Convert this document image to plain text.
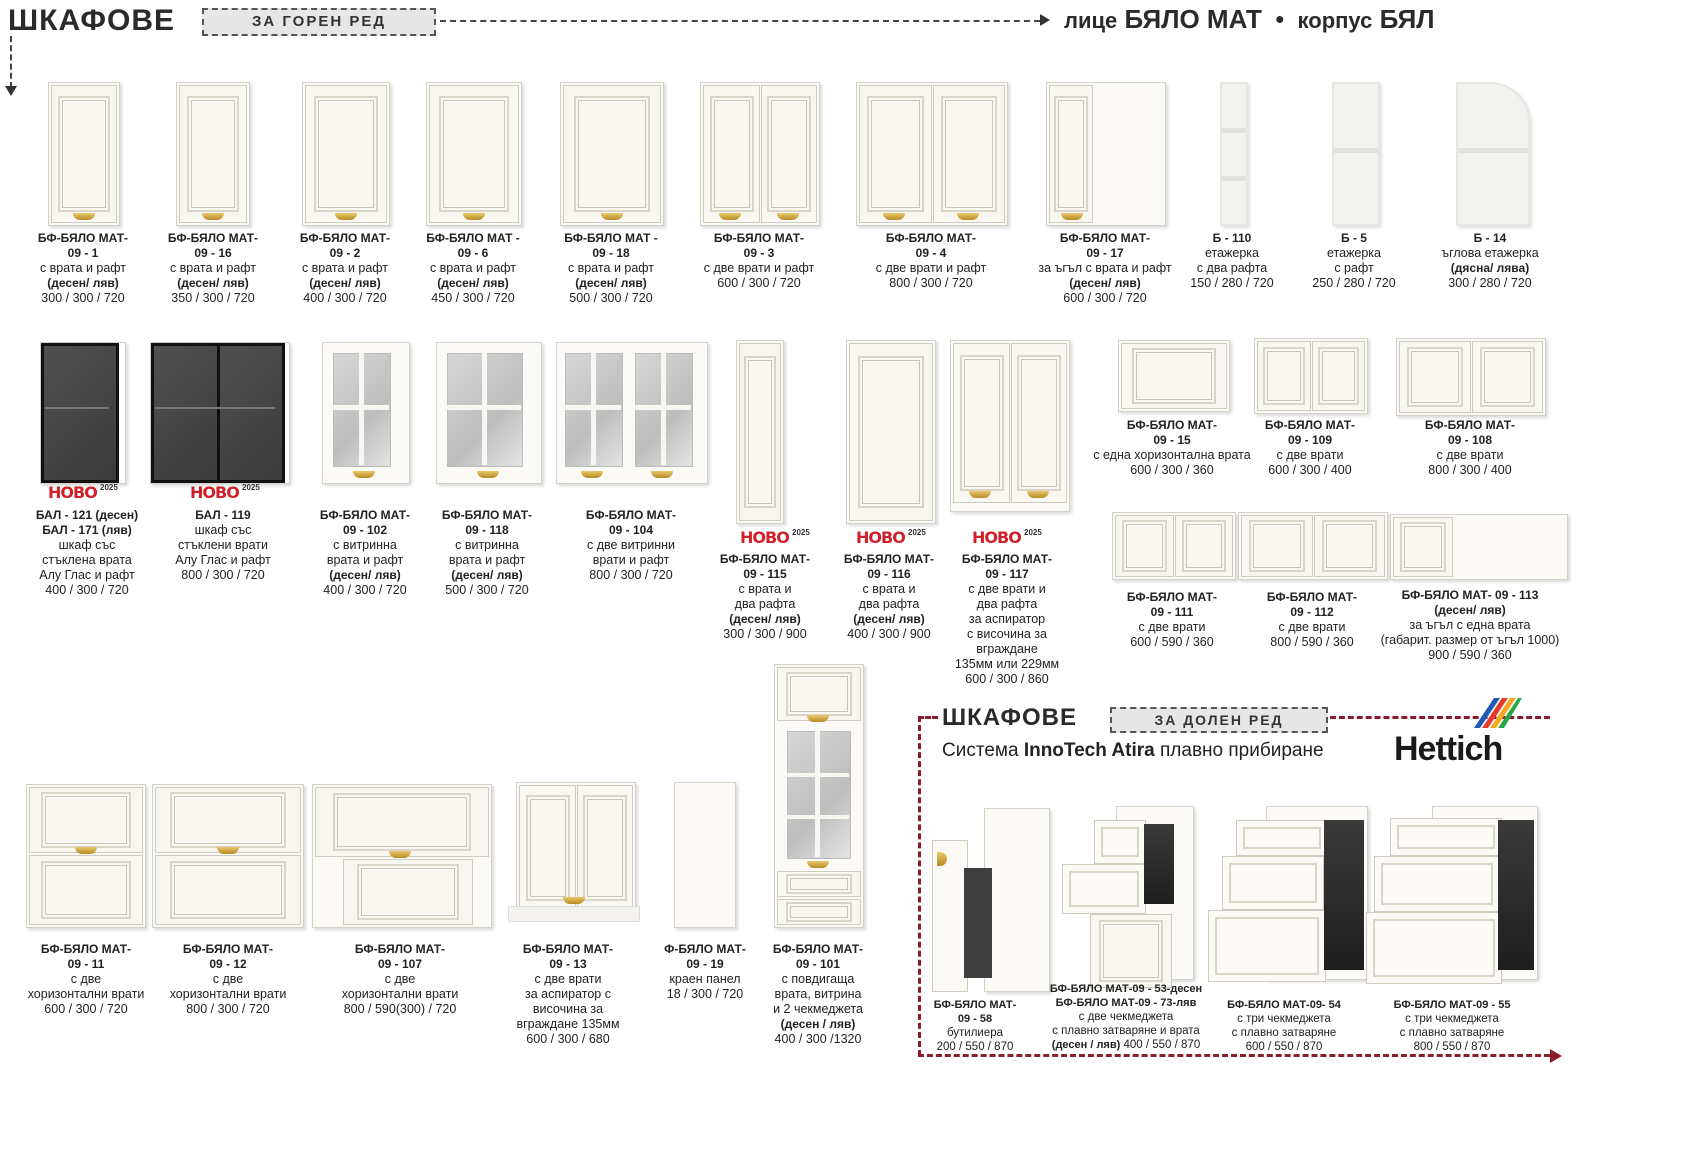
ШКАФОВЕ	ЗА ГОРЕН РЕД	лице БЯЛО МАТ • корпус БЯЛ
БФ-БЯЛО МАТ-
09 - 1
с врата и рафт
(десен/ ляв)
300 / 300 / 720
БФ-БЯЛО МАТ-
09 - 16
с врата и рафт
(десен/ ляв)
350 / 300 / 720
БФ-БЯЛО МАТ-
09 - 2
с врата и рафт
(десен/ ляв)
400 / 300 / 720
БФ-БЯЛО МАТ -
09 - 6
с врата и рафт
(десен/ ляв)
450 / 300 / 720
БФ-БЯЛО МАТ -
09 - 18
с врата и рафт
(десен/ ляв)
500 / 300 / 720
БФ-БЯЛО МАТ-
09 - 3
с две врати и рафт
600 / 300 / 720
БФ-БЯЛО МАТ-
09 - 4
с две врати и рафт
800 / 300 / 720
БФ-БЯЛО МАТ-
09 - 17
за ъгъл с врата и рафт
(десен/ ляв)
600 / 300 / 720
Б - 110
етажерка
с два рафта
150 / 280 / 720
Б - 5
етажерка
с рафт
250 / 280 / 720
Б - 14
ъглова етажерка
(дясна/ лява)
300 / 280 / 720
НОВО 2025	НОВО 2025
НОВО 2025	НОВО 2025	НОВО 2025
БАЛ - 121 (десен)
БАЛ - 171 (ляв)
шкаф със
стъклена врата
Алу Глас и рафт
400 / 300 / 720
БАЛ - 119
шкаф със
стъклени врати
Алу Глас и рафт
800 / 300 / 720
БФ-БЯЛО МАТ-
09 - 102
с витринна
врата и рафт
(десен/ ляв)
400 / 300 / 720
БФ-БЯЛО МАТ-
09 - 118
с витринна
врата и рафт
(десен/ ляв)
500 / 300 / 720
БФ-БЯЛО МАТ-
09 - 104
с две витринни
врати и рафт
800 / 300 / 720
БФ-БЯЛО МАТ-
09 - 115
с врата и
два рафта
(десен/ ляв)
300 / 300 / 900
БФ-БЯЛО МАТ-
09 - 116
с врата и
два рафта
(десен/ ляв)
400 / 300 / 900
БФ-БЯЛО МАТ-
09 - 117
с две врати и
два рафта
за аспиратор
с височина за
вграждане
135мм или 229мм
600 / 300 / 860
БФ-БЯЛО МАТ-
09 - 15
с една хоризонтална врата
600 / 300 / 360
БФ-БЯЛО МАТ-
09 - 109
с две врати
600 / 300 / 400
БФ-БЯЛО МАТ-
09 - 108
с две врати
800 / 300 / 400
БФ-БЯЛО МАТ-
09 - 111
с две врати
600 / 590 / 360
БФ-БЯЛО МАТ-
09 - 112
с две врати
800 / 590 / 360
БФ-БЯЛО МАТ- 09 - 113
(десен/ ляв)
за ъгъл с една врата
(габарит. размер от ъгъл 1000)
900 / 590 / 360
БФ-БЯЛО МАТ-
09 - 11
с две
хоризонтални врати
600 / 300 / 720
БФ-БЯЛО МАТ-
09 - 12
с две
хоризонтални врати
800 / 300 / 720
БФ-БЯЛО МАТ-
09 - 107
с две
хоризонтални врати
800 / 590(300) / 720
БФ-БЯЛО МАТ-
09 - 13
с две врати
за аспиратор с
височина за
вграждане 135мм
600 / 300 / 680
Ф-БЯЛО МАТ-
09 - 19
краен панел
18 / 300 / 720
БФ-БЯЛО МАТ-
09 - 101
с повдигаща
врата, витрина
и 2 чекмеджета
(десен / ляв)
400 / 300 /1320
ШКАФОВЕ	ЗА ДОЛЕН РЕД
Система InnoTech Atira плавно прибиране Hettich
БФ-БЯЛО МАТ-
09 - 58
бутилиера
200 / 550 / 870
БФ-БЯЛО МАТ-09 - 53-десен
БФ-БЯЛО МАТ-09 - 73-ляв
с две чекмеджета
с плавно затваряне и врата
(десен / ляв) 400 / 550 / 870
БФ-БЯЛО МАТ-09- 54
с три чекмеджета
с плавно затваряне
600 / 550 / 870
БФ-БЯЛО МАТ-09 - 55
с три чекмеджета
с плавно затваряне
800 / 550 / 870
